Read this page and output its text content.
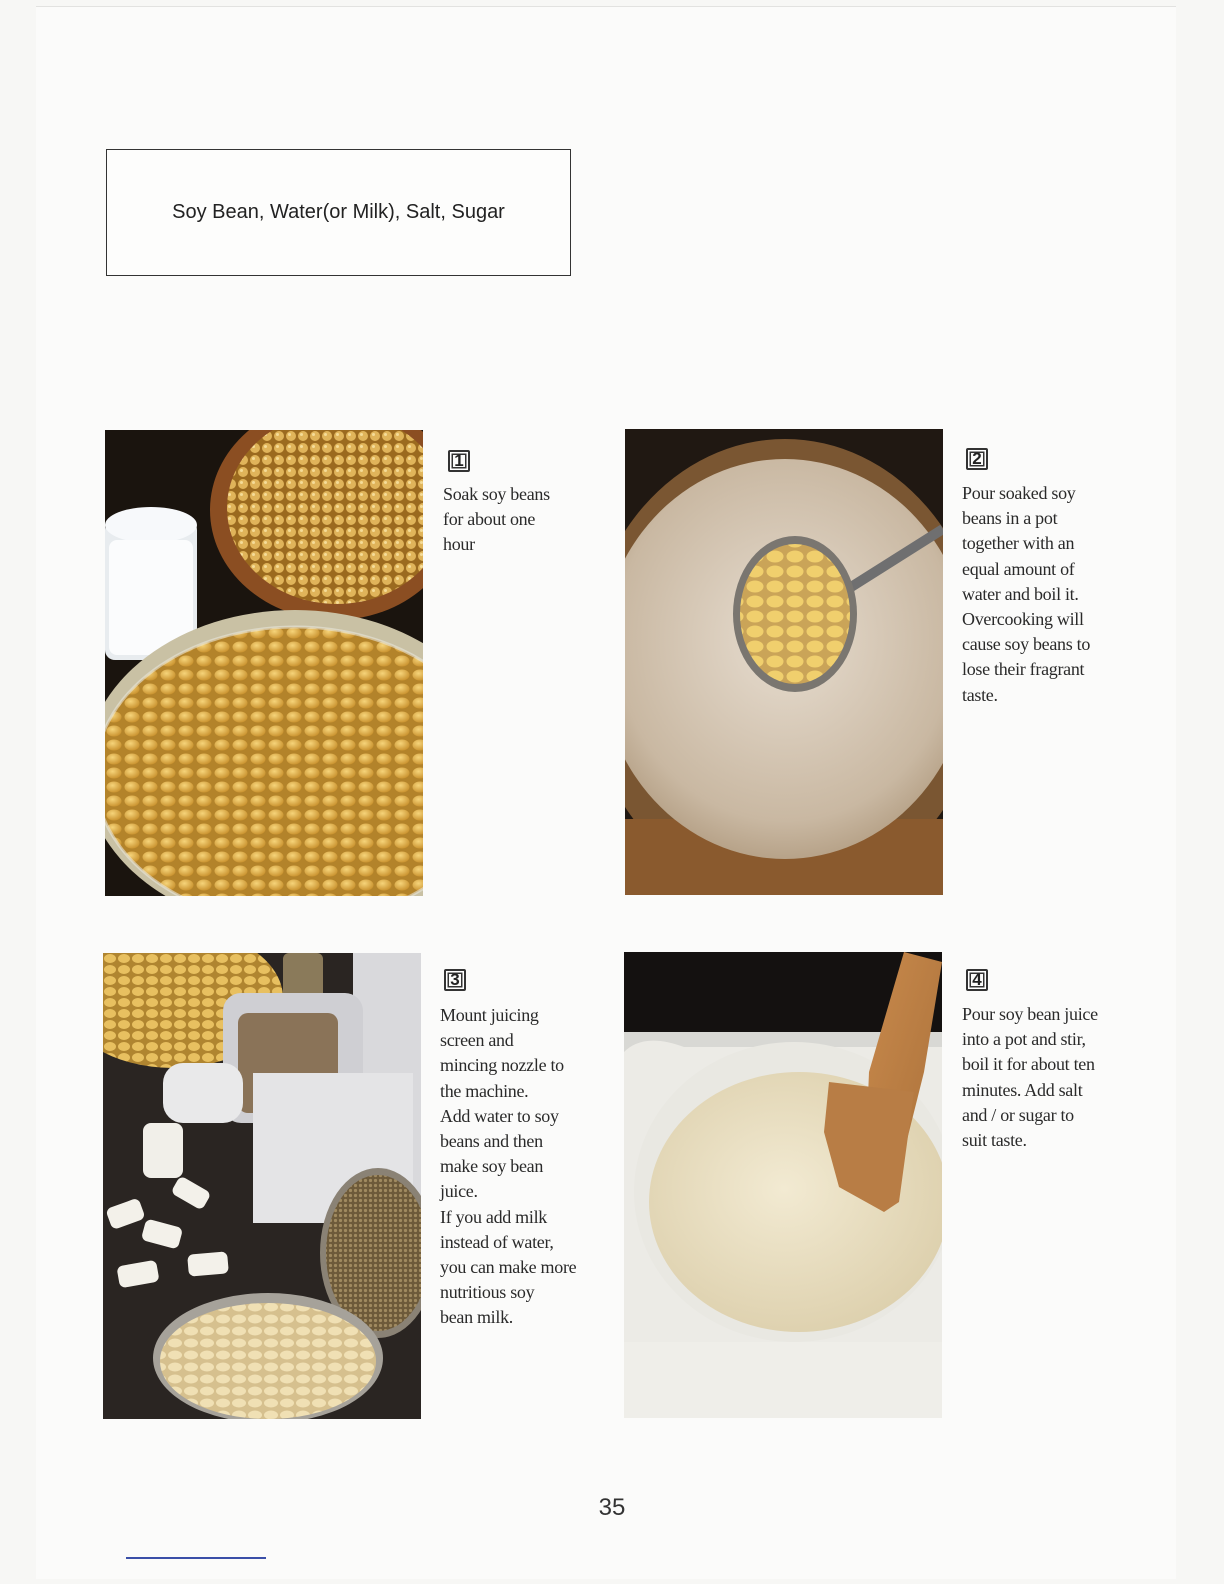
Soy Bean, Water(or Milk), Salt, Sugar
1
Soak soy beans
for about one
hour
2
Pour soaked soy
beans in a pot
together with an
equal amount of
water and boil it.
Overcooking will
cause soy beans to
lose their fragrant
taste.
3
Mount juicing
screen and
mincing nozzle to
the machine.
Add water to soy
beans and then
make soy bean
juice.
If you add milk
instead of water,
you can make more
nutritious soy
bean milk.
4
Pour soy bean juice
into a pot and stir,
boil it for about ten
minutes. Add salt
and / or sugar to
suit taste.
35
